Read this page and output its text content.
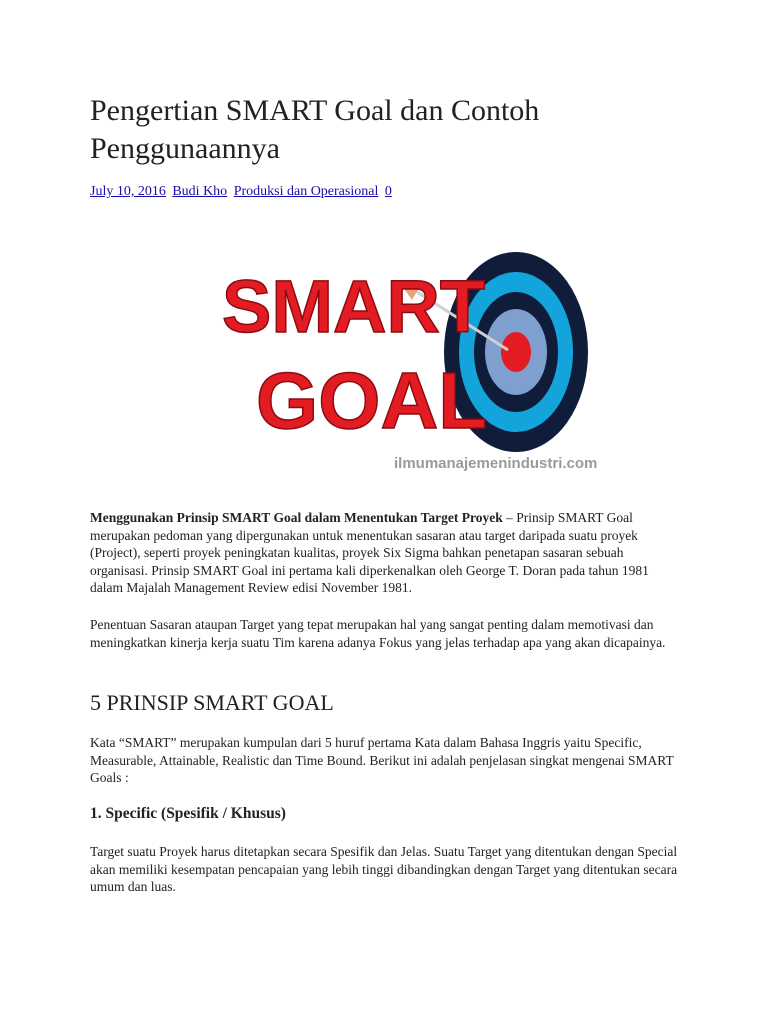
Pengertian SMART Goal dan Contoh Penggunaannya
July 10, 2016 Budi Kho Produksi dan Operasional 0
SMART
GOAL
ilmumanajemenindustri.com

Menggunakan Prinsip SMART Goal dalam Menentukan Target Proyek – Prinsip SMART Goal merupakan pedoman yang dipergunakan untuk menentukan sasaran atau target daripada suatu proyek (Project), seperti proyek peningkatan kualitas, proyek Six Sigma bahkan penetapan sasaran sebuah organisasi. Prinsip SMART Goal ini pertama kali diperkenalkan oleh George T. Doran pada tahun 1981 dalam Majalah Management Review edisi November 1981.

Penentuan Sasaran ataupan Target yang tepat merupakan hal yang sangat penting dalam memotivasi dan meningkatkan kinerja kerja suatu Tim karena adanya Fokus yang jelas terhadap apa yang akan dicapainya.

5 PRINSIP SMART GOAL

Kata “SMART” merupakan kumpulan dari 5 huruf pertama Kata dalam Bahasa Inggris yaitu Specific, Measurable, Attainable, Realistic dan Time Bound. Berikut ini adalah penjelasan singkat mengenai SMART Goals :

1. Specific (Spesifik / Khusus)

Target suatu Proyek harus ditetapkan secara Spesifik dan Jelas. Suatu Target yang ditentukan dengan Special akan memiliki kesempatan pencapaian yang lebih tinggi dibandingkan dengan Target yang ditentukan secara umum dan luas.
